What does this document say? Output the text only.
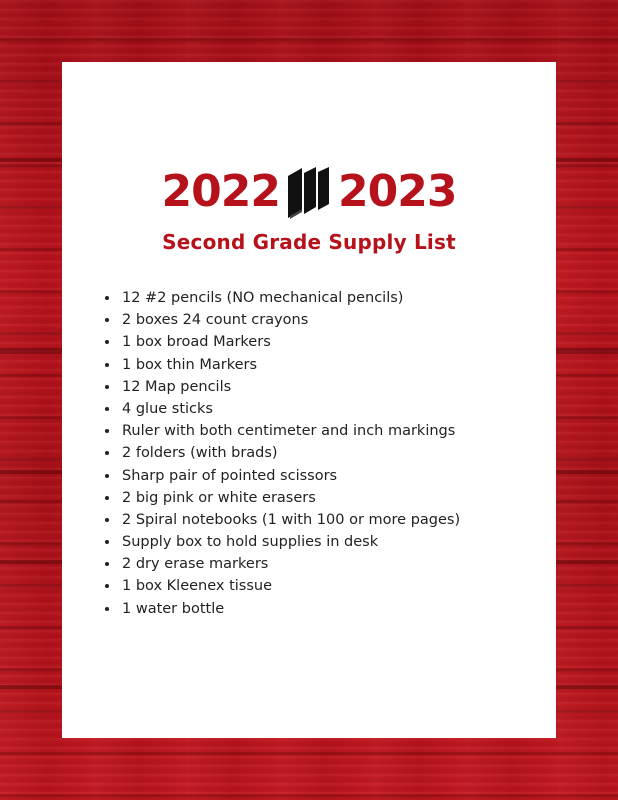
2022 2023
Second Grade Supply List
• 12 #2 pencils (NO mechanical pencils)
• 2 boxes 24 count crayons
• 1 box broad Markers
• 1 box thin Markers
• 12 Map pencils
• 4 glue sticks
• Ruler with both centimeter and inch markings
• 2 folders (with brads)
• Sharp pair of pointed scissors
• 2 big pink or white erasers
• 2 Spiral notebooks (1 with 100 or more pages)
• Supply box to hold supplies in desk
• 2 dry erase markers
• 1 box Kleenex tissue
• 1 water bottle
